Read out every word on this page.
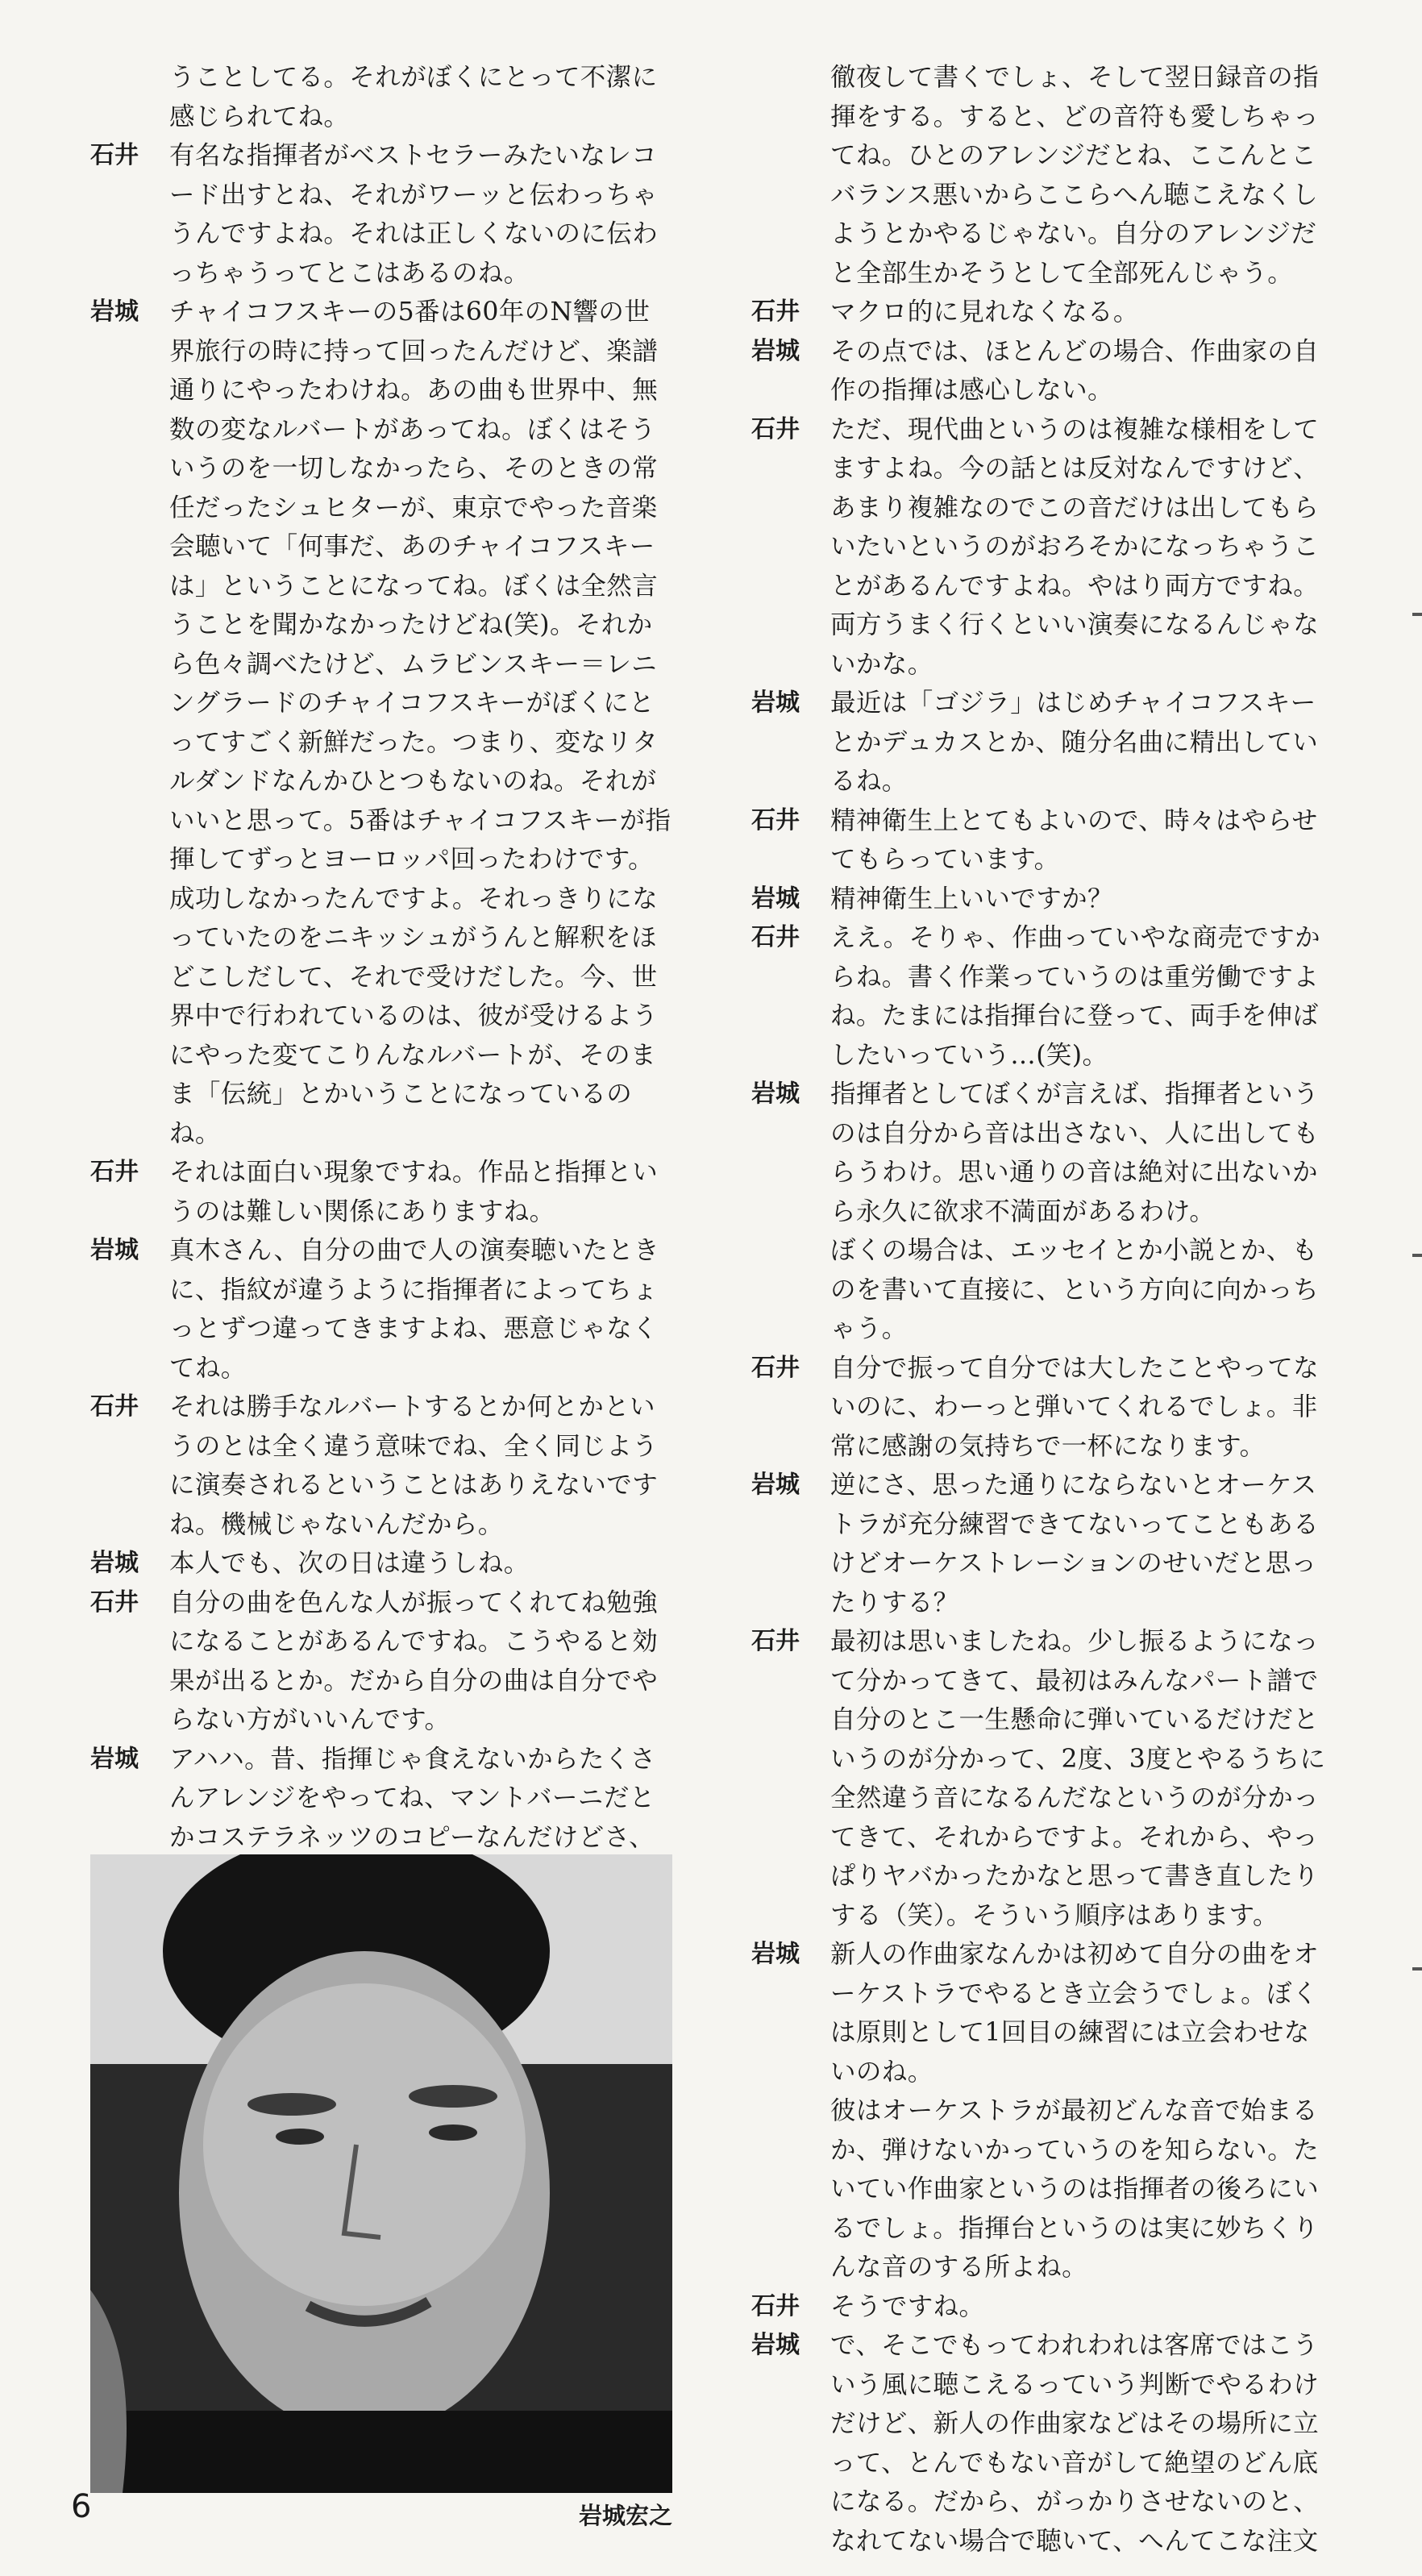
うことしてる。それがぼくにとって不潔に感じられてね。
石井 有名な指揮者がベストセラーみたいなレコード出すとね、それがワーッと伝わっちゃうんですよね。それは正しくないのに伝わっちゃうってとこはあるのね。
岩城 チャイコフスキーの5番は60年のN響の世界旅行の時に持って回ったんだけど、楽譜通りにやったわけね。あの曲も世界中、無数の変なルバートがあってね。ぼくはそういうのを一切しなかったら、そのときの常任だったシュヒターが、東京でやった音楽会聴いて「何事だ、あのチャイコフスキーは」ということになってね。ぼくは全然言うことを聞かなかったけどね(笑)。それから色々調べたけど、ムラビンスキー＝レニングラードのチャイコフスキーがぼくにとってすごく新鮮だった。つまり、変なリタルダンドなんかひとつもないのね。それがいいと思って。5番はチャイコフスキーが指揮してずっとヨーロッパ回ったわけです。成功しなかったんですよ。それっきりになっていたのをニキッシュがうんと解釈をほどこしだして、それで受けだした。今、世界中で行われているのは、彼が受けるようにやった変てこりんなルバートが、そのまま「伝統」とかいうことになっているのね。
石井 それは面白い現象ですね。作品と指揮というのは難しい関係にありますね。
岩城 真木さん、自分の曲で人の演奏聴いたときに、指紋が違うように指揮者によってちょっとずつ違ってきますよね、悪意じゃなくてね。
石井 それは勝手なルバートするとか何とかというのとは全く違う意味でね、全く同じように演奏されるということはありえないですね。機械じゃないんだから。
岩城 本人でも、次の日は違うしね。
石井 自分の曲を色んな人が振ってくれてね勉強になることがあるんですね。こうやると効果が出るとか。だから自分の曲は自分でやらない方がいいんです。
岩城 アハハ。昔、指揮じゃ食えないからたくさんアレンジをやってね、マントバーニだとかコステラネッツのコピーなんだけどさ、
徹夜して書くでしょ、そして翌日録音の指揮をする。すると、どの音符も愛しちゃってね。ひとのアレンジだとね、ここんとこバランス悪いからここらへん聴こえなくしようとかやるじゃない。自分のアレンジだと全部生かそうとして全部死んじゃう。
石井 マクロ的に見れなくなる。
岩城 その点では、ほとんどの場合、作曲家の自作の指揮は感心しない。
石井 ただ、現代曲というのは複雑な様相をしてますよね。今の話とは反対なんですけど、あまり複雑なのでこの音だけは出してもらいたいというのがおろそかになっちゃうことがあるんですよね。やはり両方ですね。両方うまく行くといい演奏になるんじゃないかな。
岩城 最近は「ゴジラ」はじめチャイコフスキーとかデュカスとか、随分名曲に精出しているね。
石井 精神衛生上とてもよいので、時々はやらせてもらっています。
岩城 精神衛生上いいですか？
石井 ええ。そりゃ、作曲っていやな商売ですからね。書く作業っていうのは重労働ですよね。たまには指揮台に登って、両手を伸ばしたいっていう…(笑)。
岩城 指揮者としてぼくが言えば、指揮者というのは自分から音は出さない、人に出してもらうわけ。思い通りの音は絶対に出ないから永久に欲求不満面があるわけ。
ぼくの場合は、エッセイとか小説とか、ものを書いて直接に、という方向に向かっちゃう。
石井 自分で振って自分では大したことやってないのに、わーっと弾いてくれるでしょ。非常に感謝の気持ちで一杯になります。
岩城 逆にさ、思った通りにならないとオーケストラが充分練習できてないってこともあるけどオーケストレーションのせいだと思ったりする？
石井 最初は思いましたね。少し振るようになって分かってきて、最初はみんなパート譜で自分のとこ一生懸命に弾いているだけだというのが分かって、2度、3度とやるうちに全然違う音になるんだなというのが分かってきて、それからですよ。それから、やっぱりヤバかったかなと思って書き直したりする（笑）。そういう順序はあります。
岩城 新人の作曲家なんかは初めて自分の曲をオーケストラでやるとき立会うでしょ。ぼくは原則として1回目の練習には立会わせないのね。
彼はオーケストラが最初どんな音で始まるか、弾けないかっていうのを知らない。たいてい作曲家というのは指揮者の後ろにいるでしょ。指揮台というのは実に妙ちくりんな音のする所よね。
石井 そうですね。
岩城 で、そこでもってわれわれは客席ではこういう風に聴こえるっていう判断でやるわけだけど、新人の作曲家などはその場所に立って、とんでもない音がして絶望のどん底になる。だから、がっかりさせないのと、なれてない場合で聴いて、へんてこな注文
6	岩城宏之
